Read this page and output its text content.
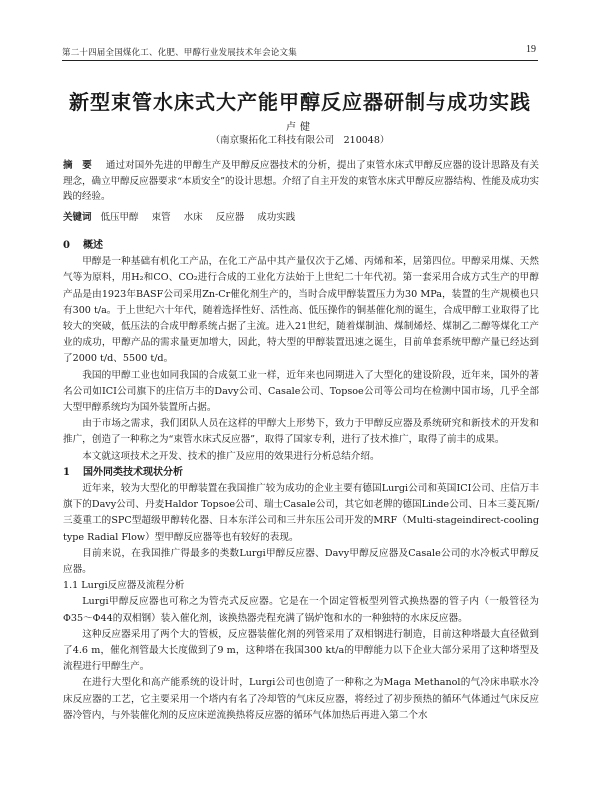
第二十四届全国煤化工、化肥、甲醇行业发展技术年会论文集	19
新型束管水床式大产能甲醇反应器研制与成功实践
卢健
（南京聚拓化工科技有限公司　210048）
摘　要 通过对国外先进的甲醇生产及甲醇反应器技术的分析，提出了束管水床式甲醇反应器的设计思路及有关理念，确立甲醇反应器要求“本质安全”的设计思想。介绍了自主开发的束管水床式甲醇反应器结构、性能及成功实践的经验。
关键词 低压甲醇 束管 水床 反应器 成功实践
0 概述

甲醇是一种基础有机化工产品，在化工产品中其产量仅次于乙烯、丙烯和苯，居第四位。甲醇采用煤、天然气等为原料，用H₂和CO、CO₂进行合成的工业化方法始于上世纪二十年代初。第一套采用合成方式生产的甲醇产品是由1923年BASF公司采用Zn-Cr催化剂生产的，当时合成甲醇装置压力为30 MPa，装置的生产规模也只有300 t/a。于上世纪六十年代，随着选择性好、活性高、低压操作的铜基催化剂的诞生，合成甲醇工业取得了比较大的突破，低压法的合成甲醇系统占据了主流。进入21世纪，随着煤制油、煤制烯烃、煤制乙二醇等煤化工产业的成功，甲醇产品的需求量更加增大，因此，特大型的甲醇装置迅速之诞生，目前单套系统甲醇产量已经达到了2000 t/d、5500 t/d。

我国的甲醇工业也如同我国的合成氨工业一样，近年来也同期进入了大型化的建设阶段，近年来，国外的著名公司如ICI公司旗下的庄信万丰的Davy公司、Casale公司、Topsoe公司等公司均在检测中国市场，几乎全部大型甲醇系统均为国外装置所占据。

由于市场之需求，我们团队人员在这样的甲醇大上形势下，致力于甲醇反应器及系统研究和新技术的开发和推广，创造了一种称之为“束管水床式反应器”，取得了国家专利，进行了技术推广，取得了前丰的成果。

本文就这项技术之开发、技术的推广及应用的效果进行分析总结介绍。

1 国外同类技术现状分析

近年来，较为大型化的甲醇装置在我国推广较为成功的企业主要有德国Lurgi公司和英国ICI公司、庄信万丰旗下的Davy公司、丹麦Haldor Topsoe公司、瑞士Casale公司，其它如老牌的德国Linde公司、日本三菱瓦斯/三菱重工的SPC型超级甲醇转化器、日本东洋公司和三井东压公司开发的MRF（Multi-stageindirect-cooling type Radial Flow）型甲醇反应器等也有较好的表现。

目前来说，在我国推广得最多的类数Lurgi甲醇反应器、Davy甲醇反应器及Casale公司的水冷板式甲醇反应器。

1.1 Lurgi反应器及流程分析

Lurgi甲醇反应器也可称之为管壳式反应器。它是在一个固定管板型列管式换热器的管子内（一般管径为Φ35～Φ44的双相钢）装入催化剂，该换热器壳程充满了锅炉饱和水的一种独特的水床反应器。

这种反应器采用了两个大的管板，反应器装催化剂的列管采用了双相钢进行制造，目前这种塔最大直径做到了4.6 m，催化剂管最大长度做到了9 m，这种塔在我国300 kt/a的甲醇能力以下企业大部分采用了这种塔型及流程进行甲醇生产。

在进行大型化和高产能系统的设计时，Lurgi公司也创造了一种称之为Maga Methanol的气冷床串联水冷床反应器的工艺，它主要采用一个塔内有名了冷却管的气床反应器，将经过了初步预热的循环气体通过气床反应器冷管内，与外装催化剂的反应床逆流换热将反应器的循环气体加热后再进入第二个水
